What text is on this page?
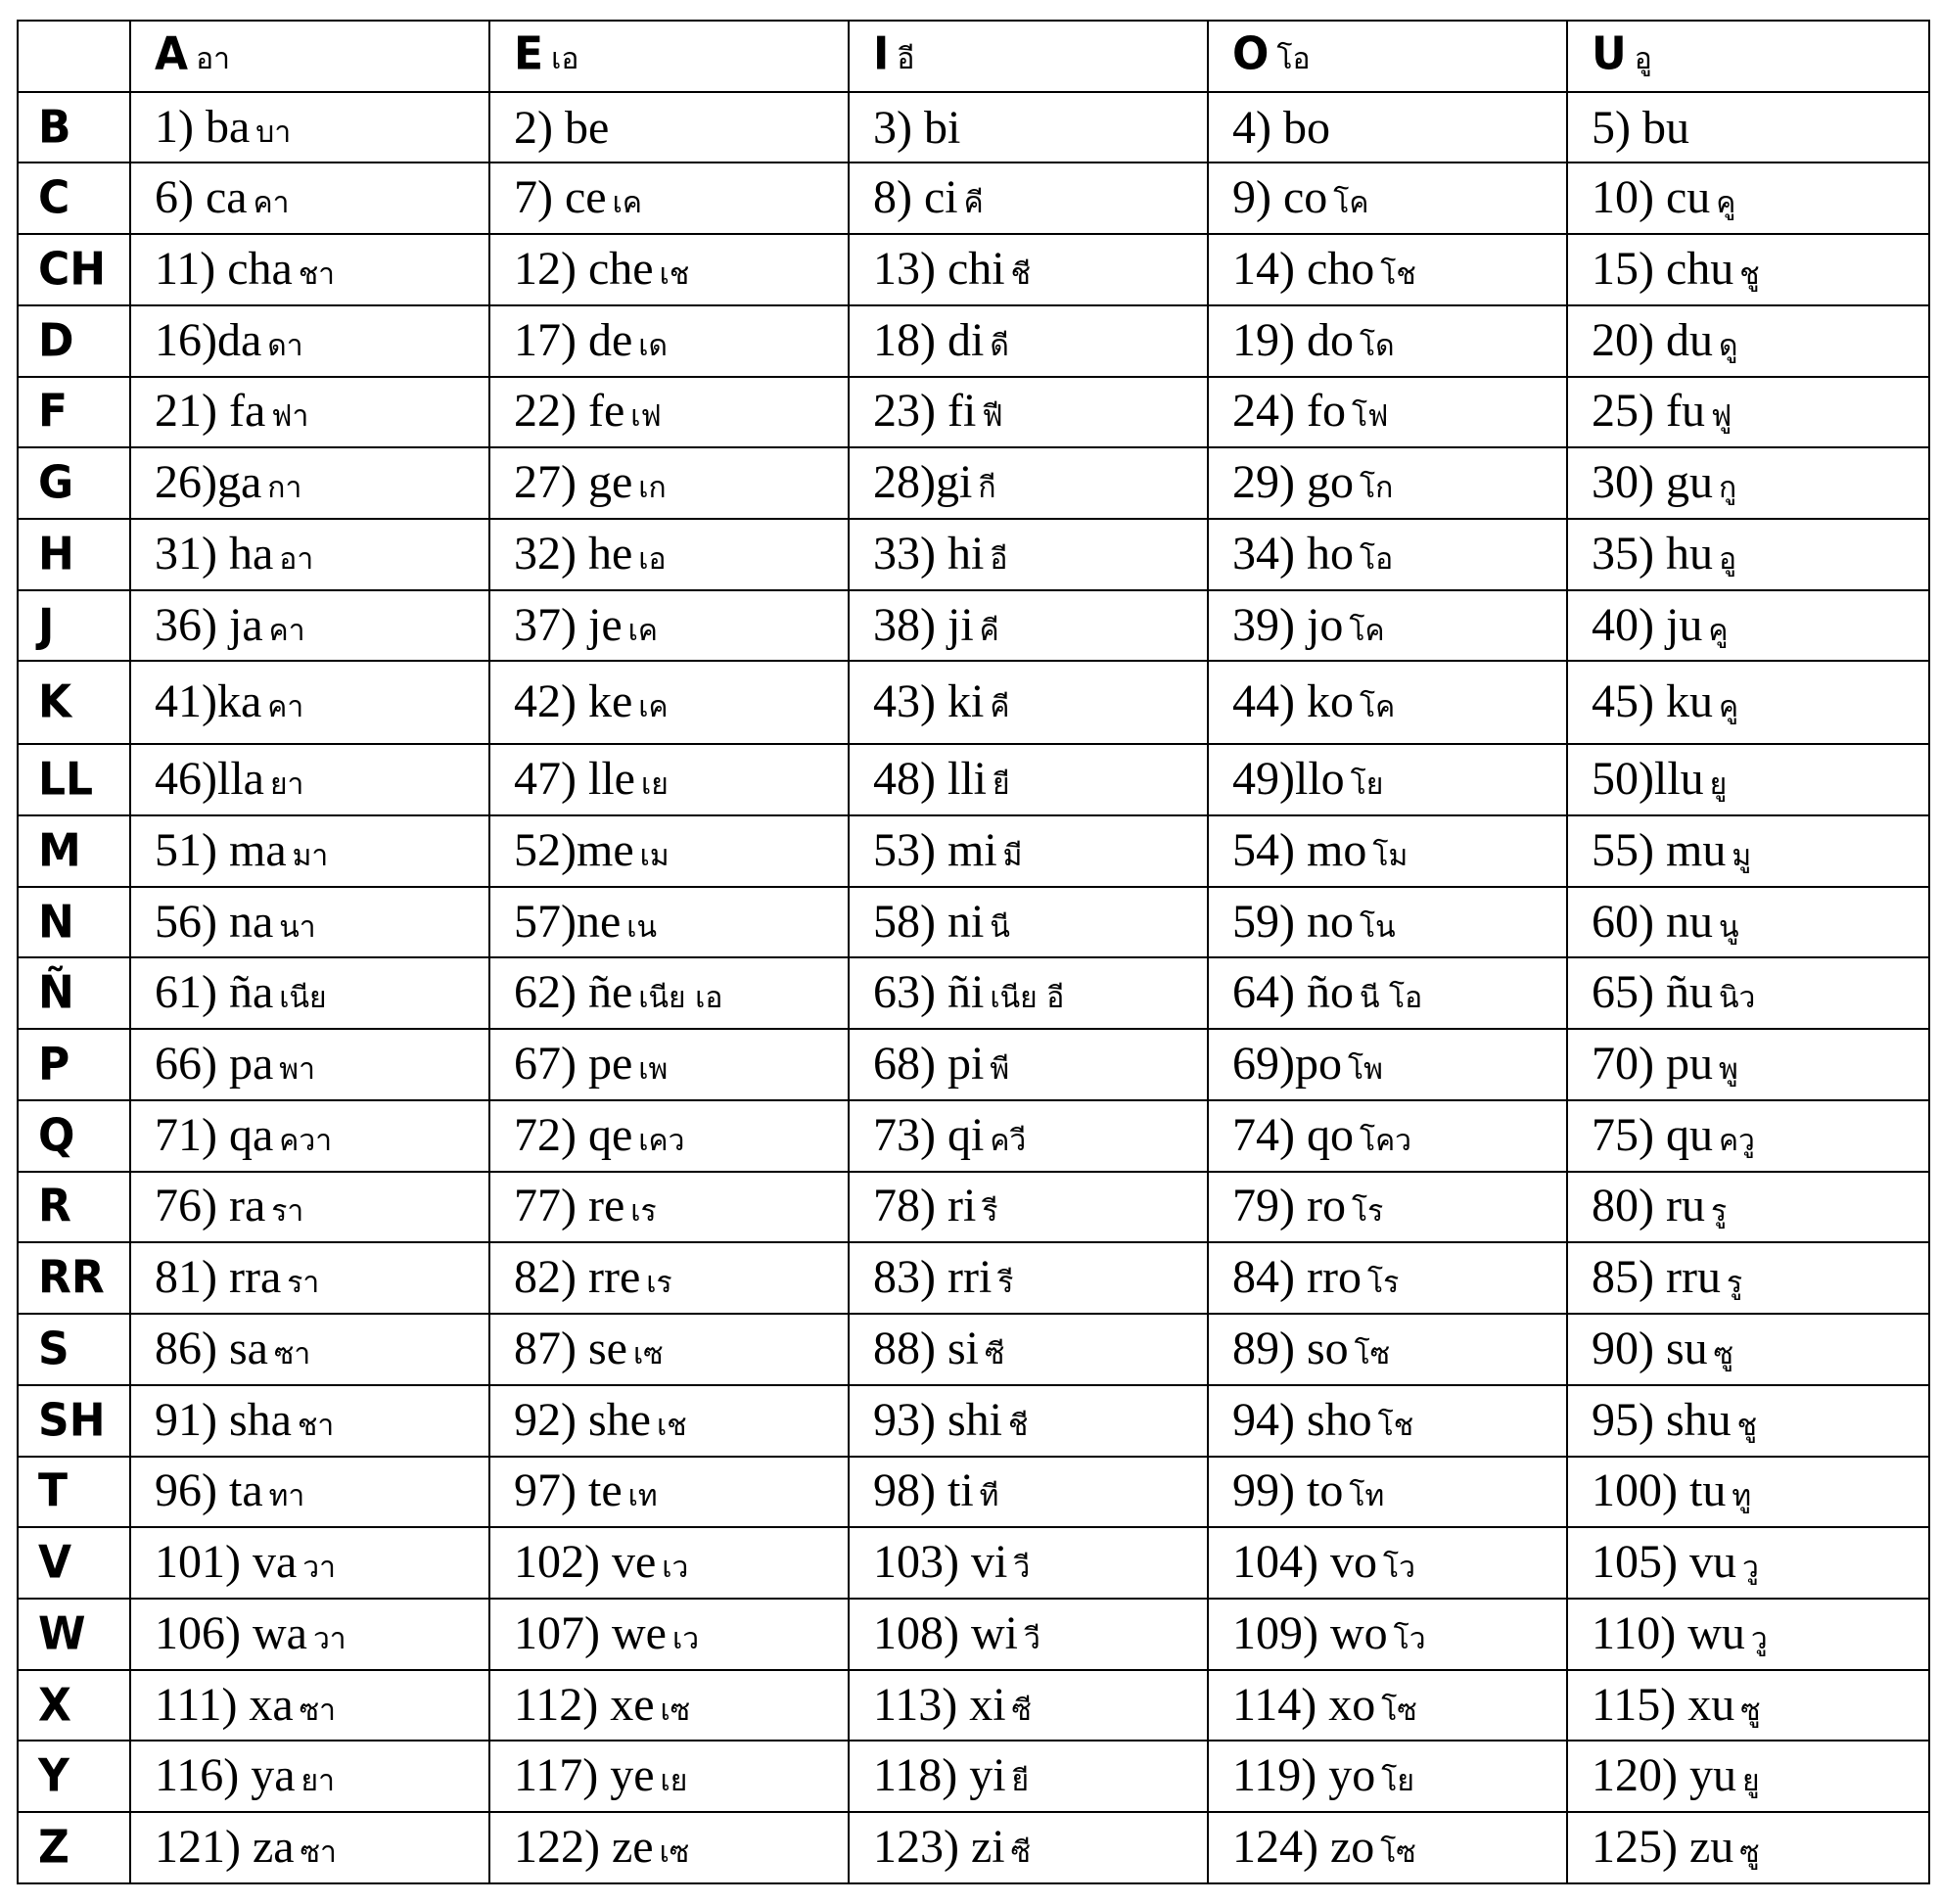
	A อา	E เอ	I อี	O โอ	U อู
B	1) ba บา	2) be	3) bi	4) bo	5) bu
C	6) ca คา	7) ce เค	8) ci คี	9) co โค	10) cu คู
CH	11) cha ชา	12) che เช	13) chi ชี	14) cho โช	15) chu ชู
D	16)da ดา	17) de เด	18) di ดี	19) do โด	20) du ดู
F	21) fa ฟา	22) fe เฟ	23) fi ฟี	24) fo โฟ	25) fu ฟู
G	26)ga กา	27) ge เก	28)gi กี	29) go โก	30) gu กู
H	31) ha อา	32) he เอ	33) hi อี	34) ho โอ	35) hu อู
J	36) ja คา	37) je เค	38) ji คี	39) jo โค	40) ju คู
K	41)ka คา	42) ke เค	43) ki คี	44) ko โค	45) ku คู
LL	46)lla ยา	47) lle เย	48) lli ยี	49)llo โย	50)llu ยู
M	51) ma มา	52)me เม	53) mi มี	54) mo โม	55) mu มู
N	56) na นา	57)ne เน	58) ni นี	59) no โน	60) nu นู
Ñ	61) ña เนีย	62) ñe เนีย เอ	63) ñi เนีย อี	64) ño นี โอ	65) ñu นิว
P	66) pa พา	67) pe เพ	68) pi พี	69)po โพ	70) pu พู
Q	71) qa ควา	72) qe เคว	73) qi ควี	74) qo โคว	75) qu ควู
R	76) ra รา	77) re เร	78) ri รี	79) ro โร	80) ru รู
RR	81) rra รา	82) rre เร	83) rri รี	84) rro โร	85) rru รู
S	86) sa ซา	87) se เซ	88) si ซี	89) so โซ	90) su ซู
SH	91) sha ชา	92) she เช	93) shi ชี	94) sho โช	95) shu ชู
T	96) ta ทา	97) te เท	98) ti ที	99) to โท	100) tu ทู
V	101) va วา	102) ve เว	103) vi วี	104) vo โว	105) vu วู
W	106) wa วา	107) we เว	108) wi วี	109) wo โว	110) wu วู
X	111) xa ซา	112) xe เซ	113) xi ซี	114) xo โซ	115) xu ซู
Y	116) ya ยา	117) ye เย	118) yi ยี	119) yo โย	120) yu ยู
Z	121) za ซา	122) ze เซ	123) zi ซี	124) zo โซ	125) zu ซู
